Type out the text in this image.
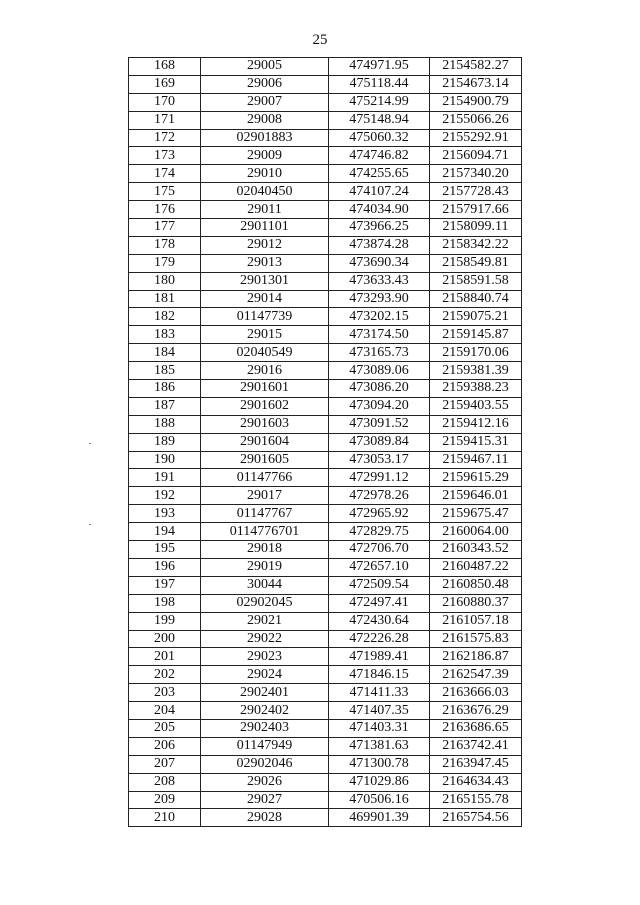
25
168	29005	474971.95	2154582.27
169	29006	475118.44	2154673.14
170	29007	475214.99	2154900.79
171	29008	475148.94	2155066.26
172	02901883	475060.32	2155292.91
173	29009	474746.82	2156094.71
174	29010	474255.65	2157340.20
175	02040450	474107.24	2157728.43
176	29011	474034.90	2157917.66
177	2901101	473966.25	2158099.11
178	29012	473874.28	2158342.22
179	29013	473690.34	2158549.81
180	2901301	473633.43	2158591.58
181	29014	473293.90	2158840.74
182	01147739	473202.15	2159075.21
183	29015	473174.50	2159145.87
184	02040549	473165.73	2159170.06
185	29016	473089.06	2159381.39
186	2901601	473086.20	2159388.23
187	2901602	473094.20	2159403.55
188	2901603	473091.52	2159412.16
189	2901604	473089.84	2159415.31
190	2901605	473053.17	2159467.11
191	01147766	472991.12	2159615.29
192	29017	472978.26	2159646.01
193	01147767	472965.92	2159675.47
194	0114776701	472829.75	2160064.00
195	29018	472706.70	2160343.52
196	29019	472657.10	2160487.22
197	30044	472509.54	2160850.48
198	02902045	472497.41	2160880.37
199	29021	472430.64	2161057.18
200	29022	472226.28	2161575.83
201	29023	471989.41	2162186.87
202	29024	471846.15	2162547.39
203	2902401	471411.33	2163666.03
204	2902402	471407.35	2163676.29
205	2902403	471403.31	2163686.65
206	01147949	471381.63	2163742.41
207	02902046	471300.78	2163947.45
208	29026	471029.86	2164634.43
209	29027	470506.16	2165155.78
210	29028	469901.39	2165754.56
